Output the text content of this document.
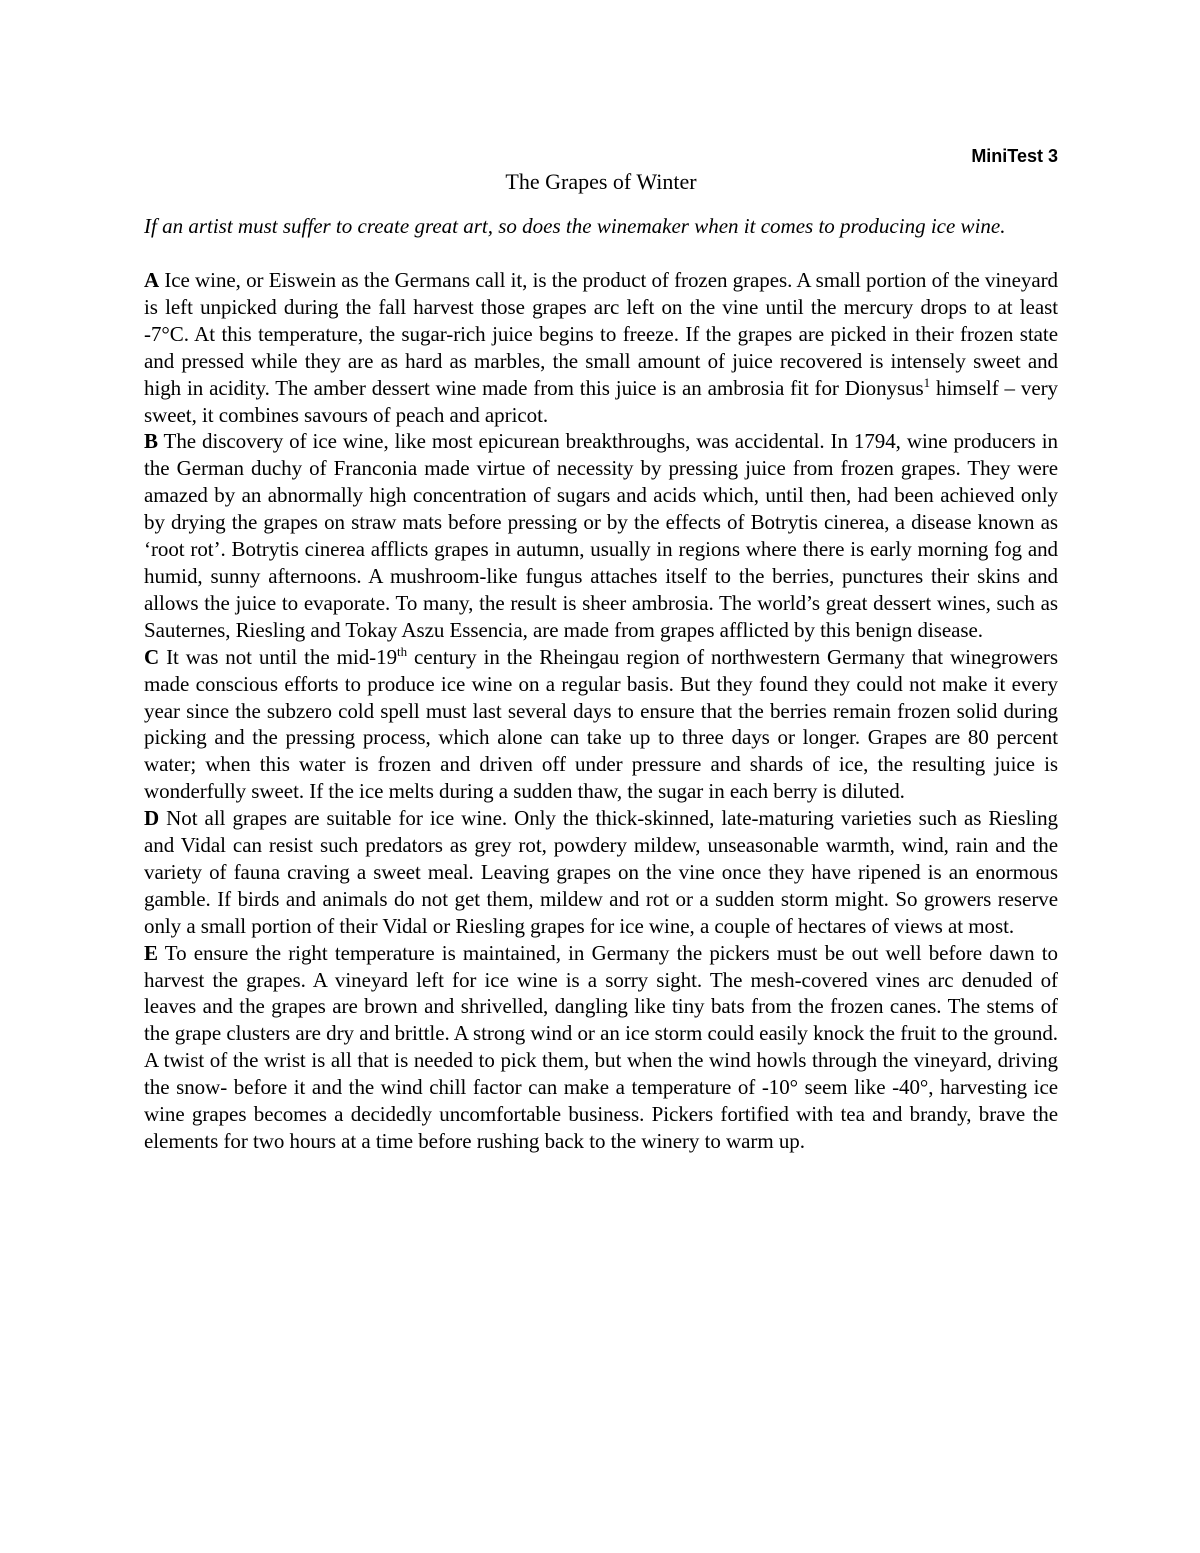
MiniTest 3
The Grapes of Winter
If an artist must suffer to create great art, so does the winemaker when it comes to producing ice wine.

A Ice wine, or Eiswein as the Germans call it, is the product of frozen grapes. A small portion of the vineyard is left unpicked during the fall harvest those grapes arc left on the vine until the mercury drops to at least -7°C. At this temperature, the sugar-rich juice begins to freeze. If the grapes are picked in their frozen state and pressed while they are as hard as marbles, the small amount of juice recovered is intensely sweet and high in acidity. The amber dessert wine made from this juice is an ambrosia fit for Dionysus$^1$ himself – very sweet, it combines savours of peach and apricot.

B The discovery of ice wine, like most epicurean breakthroughs, was accidental. In 1794, wine producers in the German duchy of Franconia made virtue of necessity by pressing juice from frozen grapes. They were amazed by an abnormally high concentration of sugars and acids which, until then, had been achieved only by drying the grapes on straw mats before pressing or by the effects of Botrytis cinerea, a disease known as ‘root rot’. Botrytis cinerea afflicts grapes in autumn, usually in regions where there is early morning fog and humid, sunny afternoons. A mushroom-like fungus attaches itself to the berries, punctures their skins and allows the juice to evaporate. To many, the result is sheer ambrosia. The world’s great dessert wines, such as Sauternes, Riesling and Tokay Aszu Essencia, are made from grapes afflicted by this benign disease.

C It was not until the mid-19th century in the Rheingau region of northwestern Germany that winegrowers made conscious efforts to produce ice wine on a regular basis. But they found they could not make it every year since the subzero cold spell must last several days to ensure that the berries remain frozen solid during picking and the pressing process, which alone can take up to three days or longer. Grapes are 80 percent water; when this water is frozen and driven off under pressure and shards of ice, the resulting juice is wonderfully sweet. If the ice melts during a sudden thaw, the sugar in each berry is diluted.

D Not all grapes are suitable for ice wine. Only the thick-skinned, late-maturing varieties such as Riesling and Vidal can resist such predators as grey rot, powdery mildew, unseasonable warmth, wind, rain and the variety of fauna craving a sweet meal. Leaving grapes on the vine once they have ripened is an enormous gamble. If birds and animals do not get them, mildew and rot or a sudden storm might. So growers reserve only a small portion of their Vidal or Riesling grapes for ice wine, a couple of hectares of views at most.

E To ensure the right temperature is maintained, in Germany the pickers must be out well before dawn to harvest the grapes. A vineyard left for ice wine is a sorry sight. The mesh-covered vines arc denuded of leaves and the grapes are brown and shrivelled, dangling like tiny bats from the frozen canes. The stems of the grape clusters are dry and brittle. A strong wind or an ice storm could easily knock the fruit to the ground. A twist of the wrist is all that is needed to pick them, but when the wind howls through the vineyard, driving the snow- before it and the wind chill factor can make a temperature of -10° seem like -40°, harvesting ice wine grapes becomes a decidedly uncomfortable business. Pickers fortified with tea and brandy, brave the elements for two hours at a time before rushing back to the winery to warm up.
